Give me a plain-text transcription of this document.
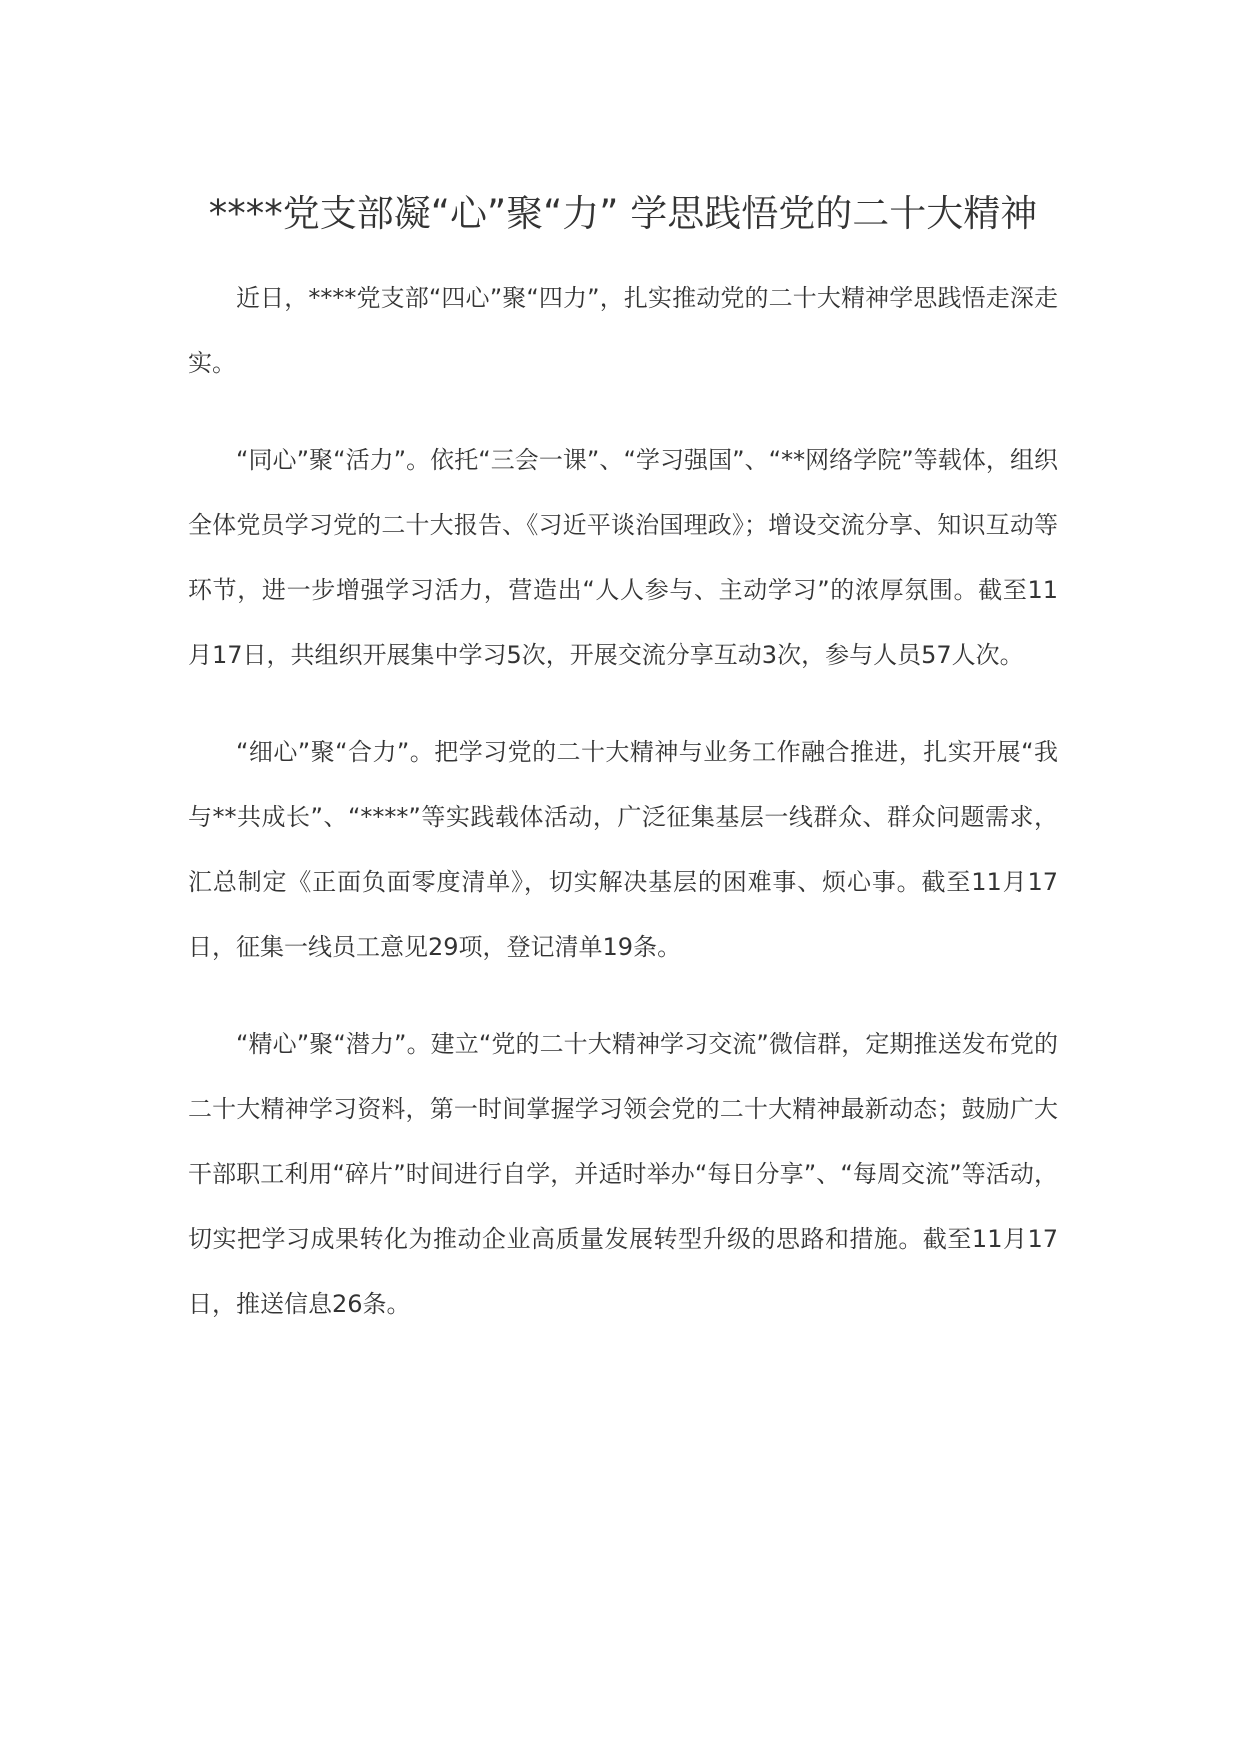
****党支部凝“心”聚“力” 学思践悟党的二十大精神

近日，****党支部“四心”聚“四力”，扎实推动党的二十大精神学思践悟走深走实。

“同心”聚“活力”。依托“三会一课”、“学习强国”、“**网络学院”等载体，组织全体党员学习党的二十大报告、《习近平谈治国理政》；增设交流分享、知识互动等环节，进一步增强学习活力，营造出“人人参与、主动学习”的浓厚氛围。截至11月17日，共组织开展集中学习5次，开展交流分享互动3次，参与人员57人次。

“细心”聚“合力”。把学习党的二十大精神与业务工作融合推进，扎实开展“我与**共成长”、“****”等实践载体活动，广泛征集基层一线群众、群众问题需求，汇总制定《正面负面零度清单》，切实解决基层的困难事、烦心事。截至11月17日，征集一线员工意见29项，登记清单19条。

“精心”聚“潜力”。建立“党的二十大精神学习交流”微信群，定期推送发布党的二十大精神学习资料，第一时间掌握学习领会党的二十大精神最新动态；鼓励广大干部职工利用“碎片”时间进行自学，并适时举办“每日分享”、“每周交流”等活动，切实把学习成果转化为推动企业高质量发展转型升级的思路和措施。截至11月17日，推送信息26条。
